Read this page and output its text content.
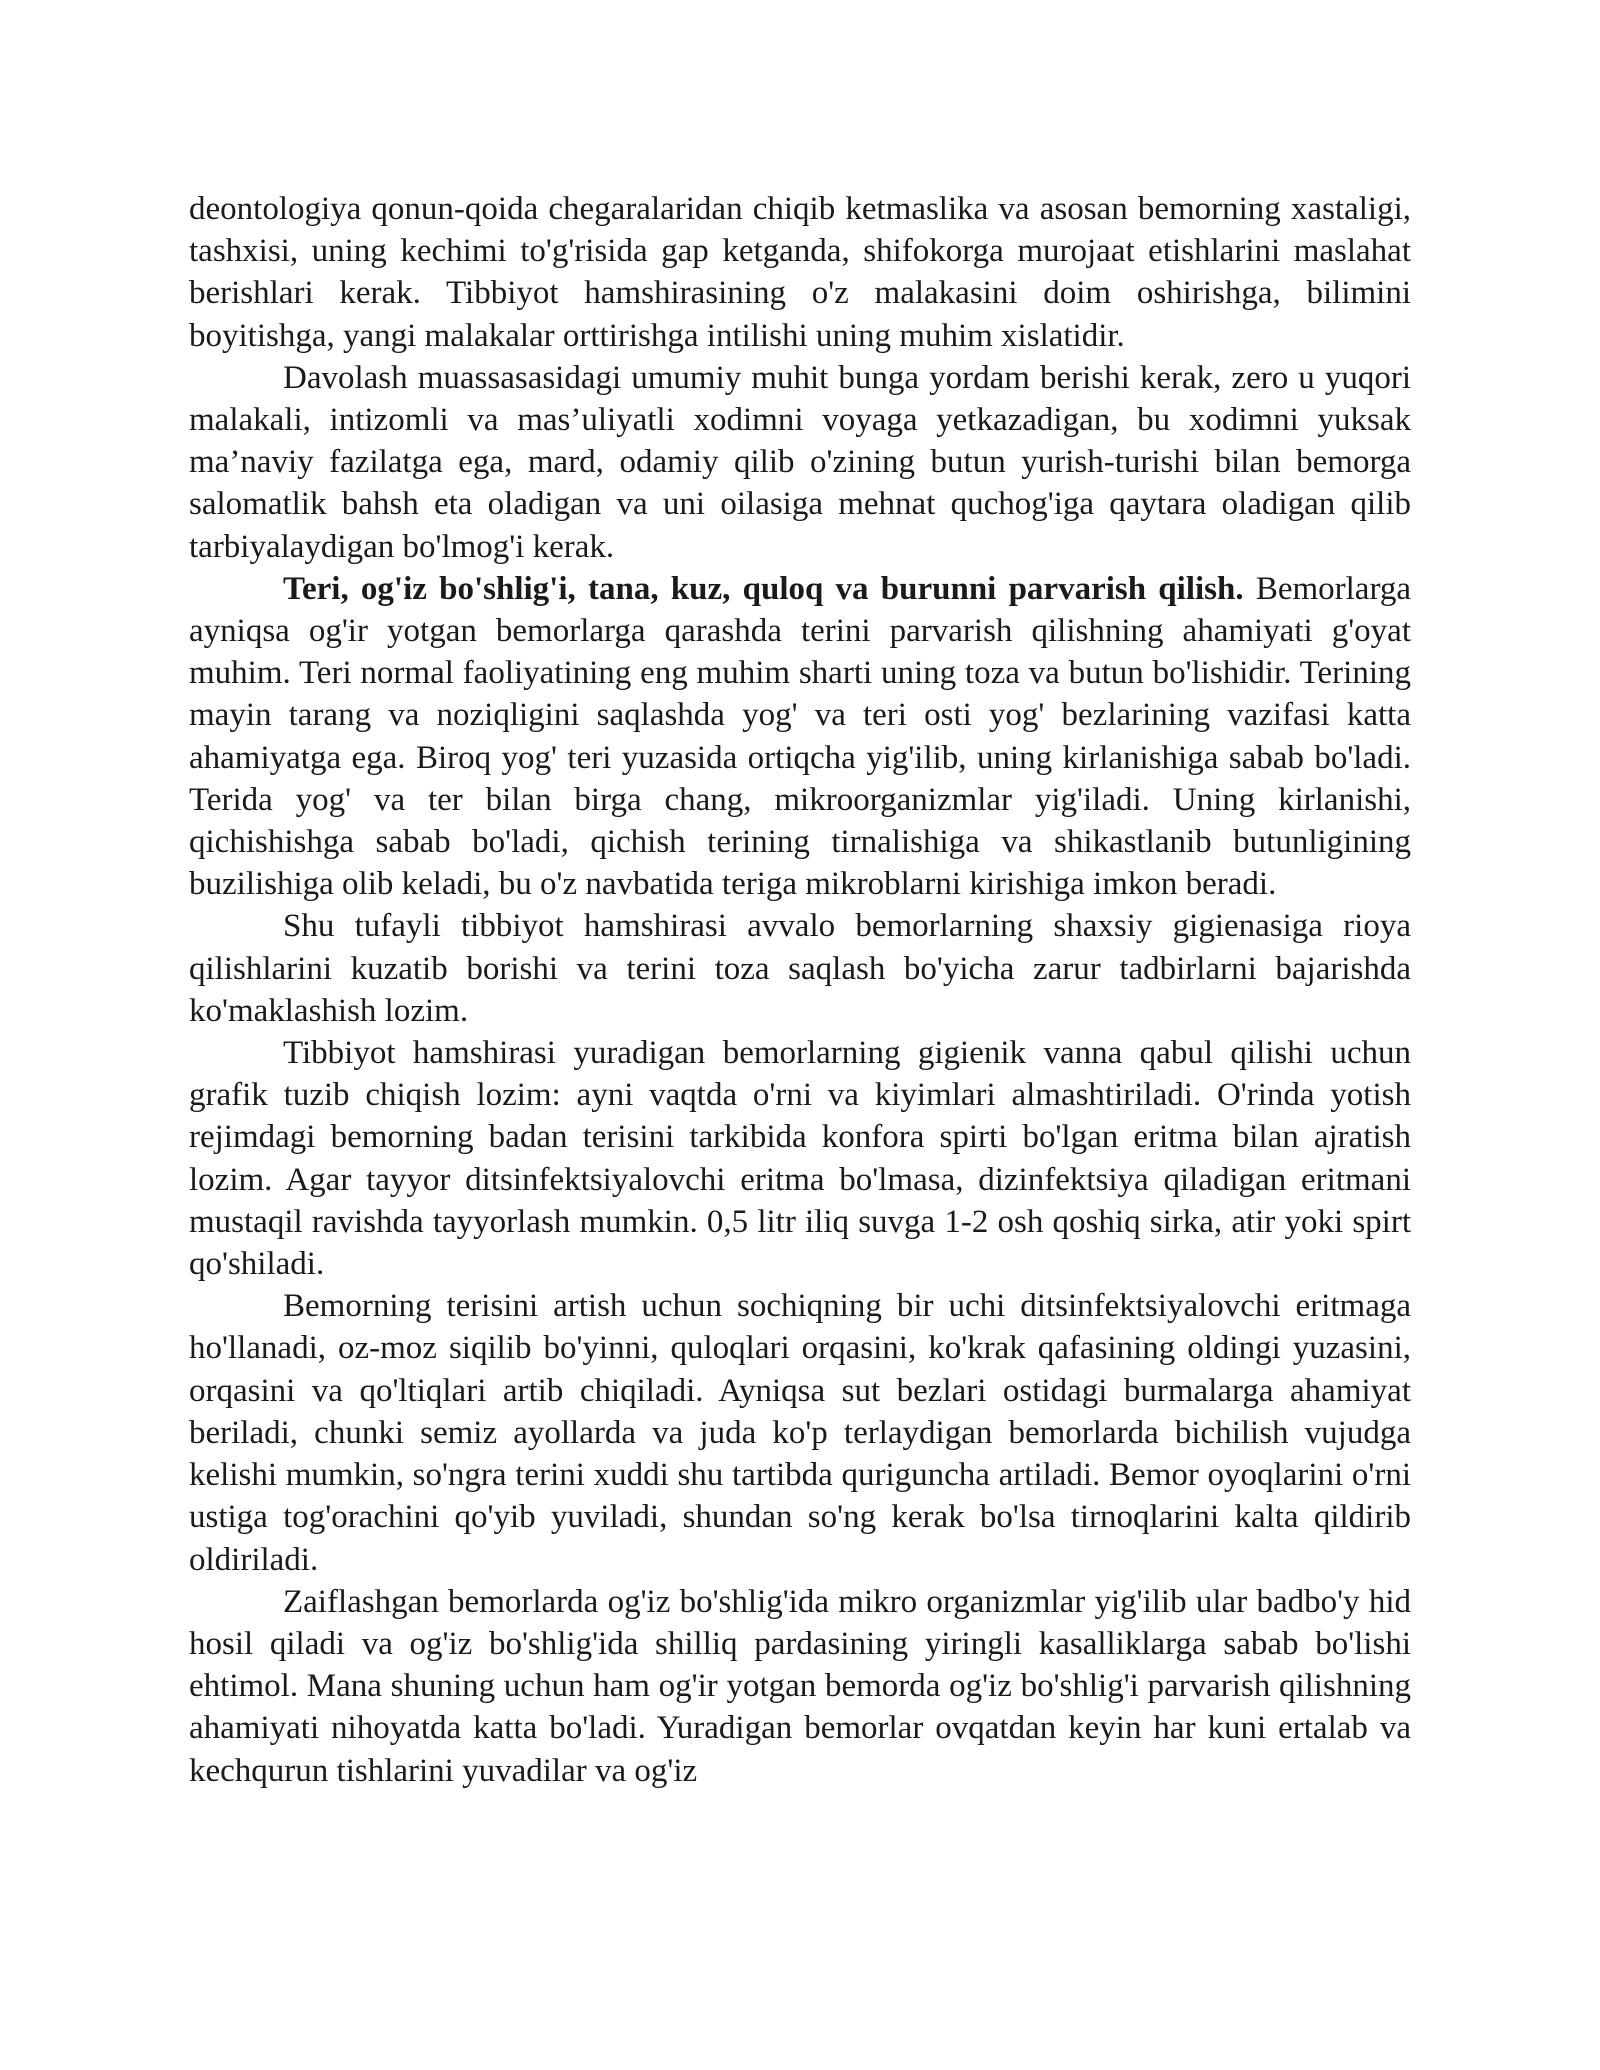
deontologiya qonun-qoida chegaralaridan chiqib ketmaslika va asosan bemorning xastaligi, tashxisi, uning kechimi to'g'risida gap ketganda, shifokorga murojaat etishlarini maslahat berishlari kerak. Tibbiyot hamshirasining o'z malakasini doim oshirishga, bilimini boyitishga, yangi malakalar orttirishga intilishi uning muhim xislatidir.

Davolash muassasasidagi umumiy muhit bunga yordam berishi kerak, zero u yuqori malakali, intizomli va mas’uliyatli xodimni voyaga yetkazadigan, bu xodimni yuksak ma’naviy fazilatga ega, mard, odamiy qilib o'zining butun yurish-turishi bilan bemorga salomatlik bahsh eta oladigan va uni oilasiga mehnat quchog'iga qaytara oladigan qilib tarbiyalaydigan bo'lmog'i kerak.

Teri, og'iz bo'shlig'i, tana, kuz, quloq va burunni parvarish qilish. Bemorlarga ayniqsa og'ir yotgan bemorlarga qarashda terini parvarish qilishning ahamiyati g'oyat muhim. Teri normal faoliyatining eng muhim sharti uning toza va butun bo'lishidir. Terining mayin tarang va noziqligini saqlashda yog' va teri osti yog' bezlarining vazifasi katta ahamiyatga ega. Biroq yog' teri yuzasida ortiqcha yig'ilib, uning kirlanishiga sabab bo'ladi. Terida yog' va ter bilan birga chang, mikroorganizmlar yig'iladi. Uning kirlanishi, qichishishga sabab bo'ladi, qichish terining tirnalishiga va shikastlanib butunligining buzilishiga olib keladi, bu o'z navbatida teriga mikroblarni kirishiga imkon beradi.

Shu tufayli tibbiyot hamshirasi avvalo bemorlarning shaxsiy gigienasiga rioya qilishlarini kuzatib borishi va terini toza saqlash bo'yicha zarur tadbirlarni bajarishda ko'maklashish lozim.

Tibbiyot hamshirasi yuradigan bemorlarning gigienik vanna qabul qilishi uchun grafik tuzib chiqish lozim: ayni vaqtda o'rni va kiyimlari almashtiriladi. O'rinda yotish rejimdagi bemorning badan terisini tarkibida konfora spirti bo'lgan eritma bilan ajratish lozim. Agar tayyor ditsinfektsiyalovchi eritma bo'lmasa, dizinfektsiya qiladigan eritmani mustaqil ravishda tayyorlash mumkin. 0,5 litr iliq suvga 1-2 osh qoshiq sirka, atir yoki spirt qo'shiladi.

Bemorning terisini artish uchun sochiqning bir uchi ditsinfektsiyalovchi eritmaga ho'llanadi, oz-moz siqilib bo'yinni, quloqlari orqasini, ko'krak qafasining oldingi yuzasini, orqasini va qo'ltiqlari artib chiqiladi. Ayniqsa sut bezlari ostidagi burmalarga ahamiyat beriladi, chunki semiz ayollarda va juda ko'p terlaydigan bemorlarda bichilish vujudga kelishi mumkin, so'ngra terini xuddi shu tartibda quriguncha artiladi. Bemor oyoqlarini o'rni ustiga tog'orachini qo'yib yuviladi, shundan so'ng kerak bo'lsa tirnoqlarini kalta qildirib oldiriladi.

Zaiflashgan bemorlarda og'iz bo'shlig'ida mikro organizmlar yig'ilib ular badbo'y hid hosil qiladi va og'iz bo'shlig'ida shilliq pardasining yiringli kasalliklarga sabab bo'lishi ehtimol. Mana shuning uchun ham og'ir yotgan bemorda og'iz bo'shlig'i parvarish qilishning ahamiyati nihoyatda katta bo'ladi. Yuradigan bemorlar ovqatdan keyin har kuni ertalab va kechqurun tishlarini yuvadilar va og'iz
